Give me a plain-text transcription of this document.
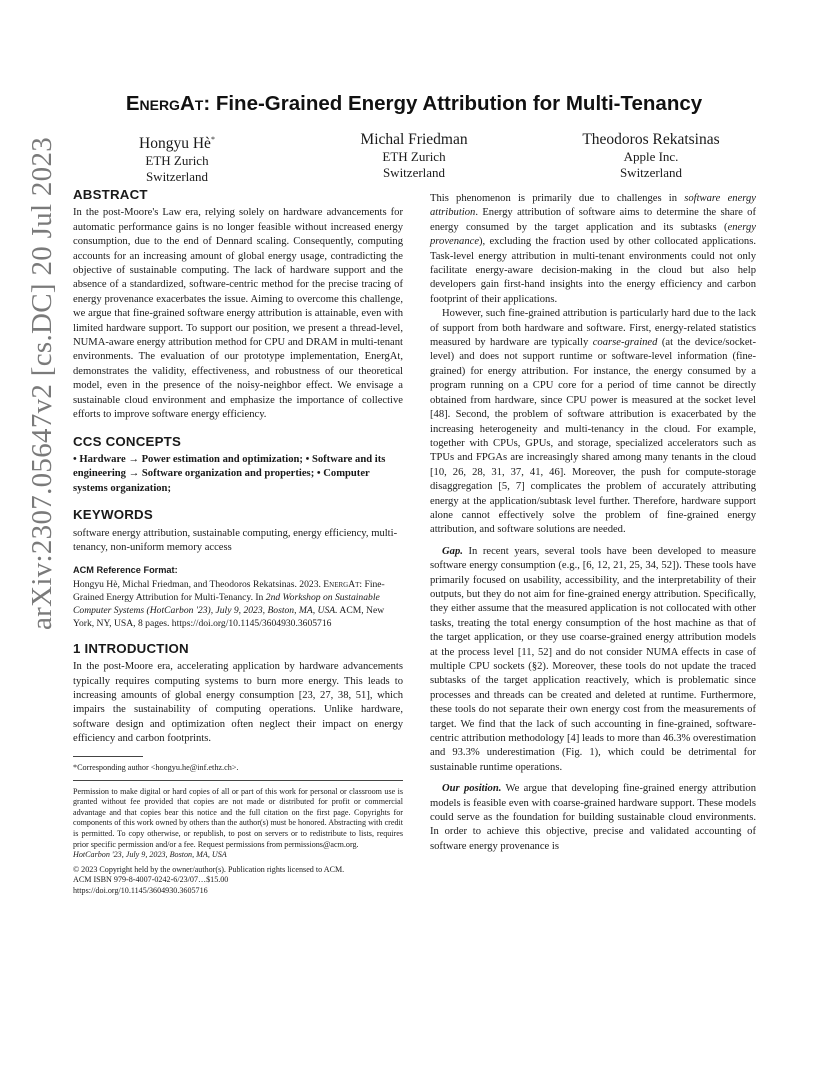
arXiv:2307.05647v2 [cs.DC] 20 Jul 2023
EnergAt: Fine-Grained Energy Attribution for Multi-Tenancy
Hongyu Hè*
ETH Zurich
Switzerland
Michal Friedman
ETH Zurich
Switzerland
Theodoros Rekatsinas
Apple Inc.
Switzerland
ABSTRACT

In the post-Moore's Law era, relying solely on hardware advancements for automatic performance gains is no longer feasible without increased energy consumption, due to the end of Dennard scaling. Consequently, computing accounts for an increasing amount of global energy usage, contradicting the objective of sustainable computing. The lack of hardware support and the absence of a standardized, software-centric method for the precise tracing of energy provenance exacerbates the issue. Aiming to overcome this challenge, we argue that fine-grained software energy attribution is attainable, even with limited hardware support. To support our position, we present a thread-level, NUMA-aware energy attribution method for CPU and DRAM in multi-tenant environments. The evaluation of our prototype implementation, EnergAt, demonstrates the validity, effectiveness, and robustness of our theoretical model, even in the presence of the noisy-neighbor effect. We envisage a sustainable cloud environment and emphasize the importance of collective efforts to improve software energy efficiency.

CCS CONCEPTS

• Hardware → Power estimation and optimization; • Software and its engineering → Software organization and properties; • Computer systems organization;

KEYWORDS

software energy attribution, sustainable computing, energy efficiency, multi-tenancy, non-uniform memory access

ACM Reference Format:

Hongyu Hè, Michal Friedman, and Theodoros Rekatsinas. 2023. EnergAt: Fine-Grained Energy Attribution for Multi-Tenancy. In 2nd Workshop on Sustainable Computer Systems (HotCarbon '23), July 9, 2023, Boston, MA, USA. ACM, New York, NY, USA, 8 pages. https://doi.org/10.1145/3604930.3605716

1 INTRODUCTION

In the post-Moore era, accelerating application by hardware advancements typically requires computing systems to burn more energy. This leads to increasing amounts of global energy consumption [23, 27, 38, 51], which impairs the sustainability of computing operations. Unlike hardware, software design and optimization often neglect their impact on energy efficiency and carbon footprints.

*Corresponding author <hongyu.he@inf.ethz.ch>.
Permission to make digital or hard copies of all or part of this work for personal or classroom use is granted without fee provided that copies are not made or distributed for profit or commercial advantage and that copies bear this notice and the full citation on the first page. Copyrights for components of this work owned by others than the author(s) must be honored. Abstracting with credit is permitted. To copy otherwise, or republish, to post on servers or to redistribute to lists, requires prior specific permission and/or a fee. Request permissions from permissions@acm.org.
HotCarbon '23, July 9, 2023, Boston, MA, USA
© 2023 Copyright held by the owner/author(s). Publication rights licensed to ACM.
ACM ISBN 979-8-4007-0242-6/23/07…$15.00
https://doi.org/10.1145/3604930.3605716

This phenomenon is primarily due to challenges in software energy attribution. Energy attribution of software aims to determine the share of energy consumed by the target application and its subtasks (energy provenance), excluding the fraction used by other collocated applications. Task-level energy attribution in multi-tenant environments could not only facilitate energy-aware decision-making in the cloud but also help developers gain first-hand insights into the energy efficiency and carbon footprint of their applications.

However, such fine-grained attribution is particularly hard due to the lack of support from both hardware and software. First, energy-related statistics measured by hardware are typically coarse-grained (at the device/socket-level) and does not support runtime or software-level information (fine-grained) for energy attribution. For instance, the energy consumed by a program running on a CPU core for a period of time cannot be directly obtained from hardware, since CPU power is measured at the socket level [48]. Second, the problem of software attribution is exacerbated by the increasing heterogeneity and multi-tenancy in the cloud. For example, together with CPUs, GPUs, and storage, specialized accelerators such as TPUs and FPGAs are increasingly shared among many tenants in the cloud [10, 26, 28, 31, 37, 41, 46]. Moreover, the push for compute-storage disaggregation [5, 7] complicates the problem of accurately attributing energy at the application/subtask level further. Therefore, hardware support alone cannot effectively solve the problem of fine-grained energy attribution, and software solutions are needed.

Gap. In recent years, several tools have been developed to measure software energy consumption (e.g., [6, 12, 21, 25, 34, 52]). These tools have primarily focused on usability, accessibility, and the interpretability of their outputs, but they do not aim for fine-grained energy attribution. Specifically, they either assume that the measured application is not collocated with other tasks, treating the total energy consumption of the host machine as that of the target application, or they use coarse-grained energy attribution models at the process level [11, 52] and do not consider NUMA effects in case of multiple CPU sockets (§2). Moreover, these tools do not update the traced subtasks of the target application reactively, which is problematic since processes and threads can be created and deleted at runtime. Furthermore, these tools do not separate their own energy cost from the measurements of target. We find that the lack of such accounting in fine-grained, software-centric attribution methodology [4] leads to more than 46.3% overestimation and 93.3% underestimation (Fig. 1), which could be detrimental for sustainable runtime operations.

Our position. We argue that developing fine-grained energy attribution models is feasible even with coarse-grained hardware support. These models could serve as the foundation for building sustainable cloud environments. In order to achieve this objective, precise and validated accounting of software energy provenance is
